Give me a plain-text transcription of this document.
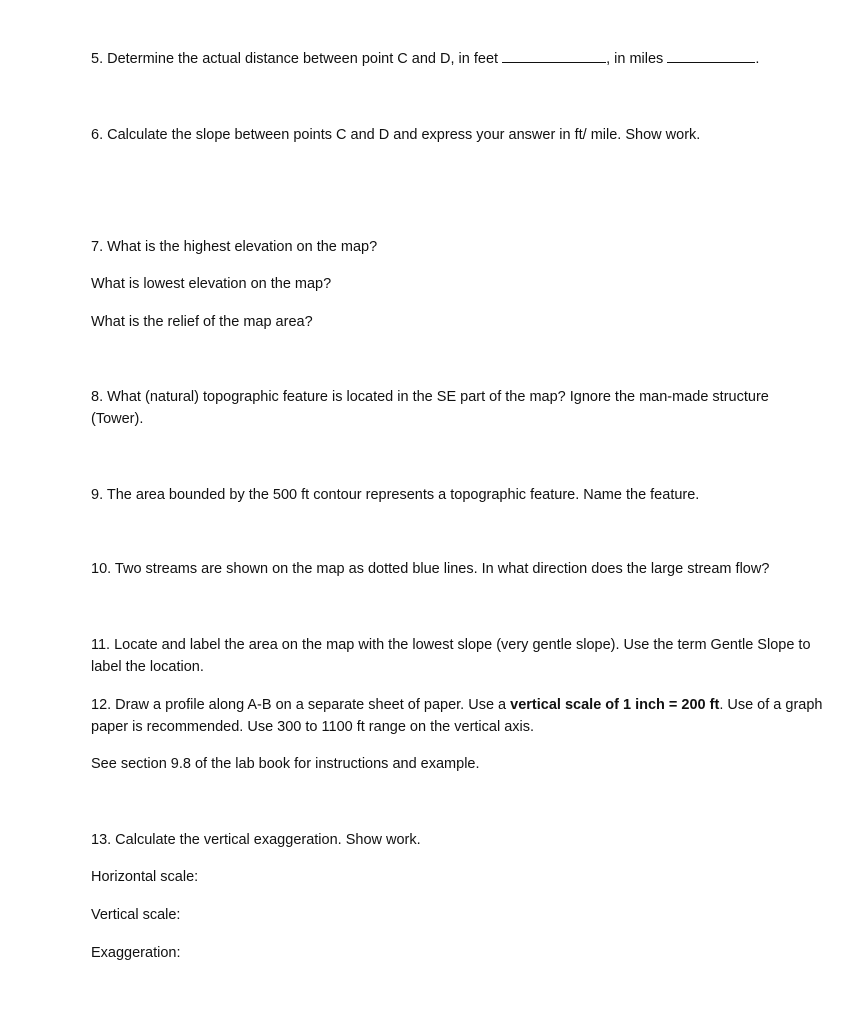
5. Determine the actual distance between point C and D, in feet	, in miles	.
6. Calculate the slope between points C and D and express your answer in ft/ mile. Show work.
7. What is the highest elevation on the map?
What is lowest elevation on the map?
What is the relief of the map area?
8. What (natural) topographic feature is located in the SE part of the map? Ignore the man-made structure (Tower).
9. The area bounded by the 500 ft contour represents a topographic feature. Name the feature.
10. Two streams are shown on the map as dotted blue lines. In what direction does the large stream flow?
11. Locate and label the area on the map with the lowest slope (very gentle slope). Use the term Gentle Slope to label the location.
12. Draw a profile along A-B on a separate sheet of paper. Use a vertical scale of 1 inch = 200 ft. Use of a graph paper is recommended. Use 300 to 1100 ft range on the vertical axis.
See section 9.8 of the lab book for instructions and example.
13. Calculate the vertical exaggeration. Show work.
Horizontal scale:
Vertical scale:
Exaggeration:
